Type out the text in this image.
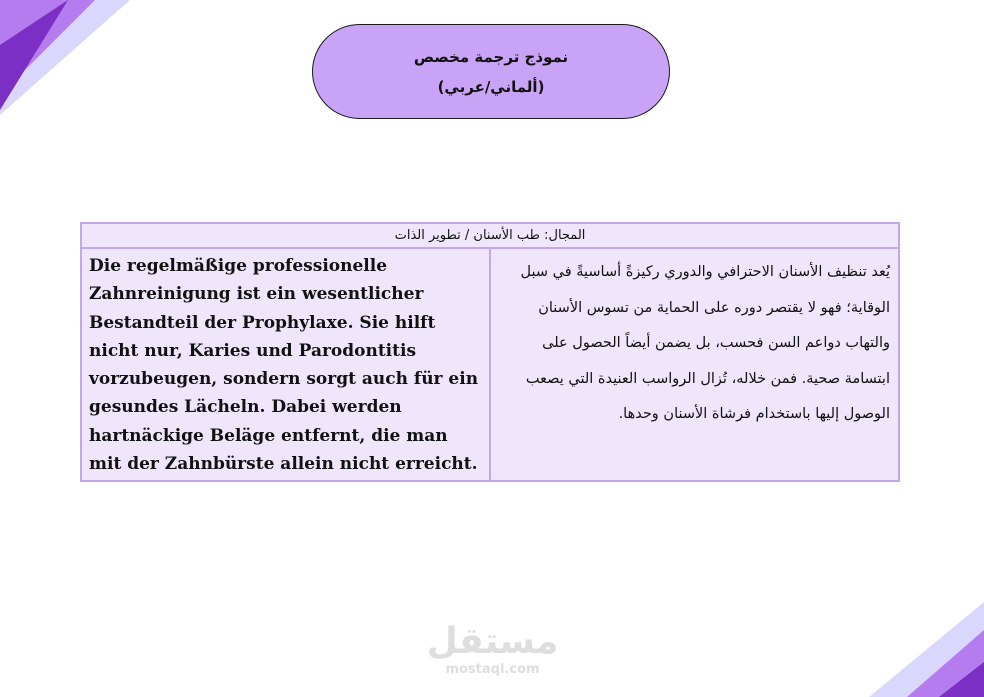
نموذج ترجمة مخصص
(ألماني/عربي)
المجال: طب الأسنان / تطوير الذات
Die regelmäßige professionelle Zahnreinigung ist ein wesentlicher Bestandteil der Prophylaxe. Sie hilft nicht nur, Karies und Parodontitis vorzubeugen, sondern sorgt auch für ein gesundes Lächeln. Dabei werden hartnäckige Beläge entfernt, die man mit der Zahnbürste allein nicht erreicht.	يُعد تنظيف الأسنان الاحترافي والدوري ركيزةً أساسيةً في سبل الوقاية؛ فهو لا يقتصر دوره على الحماية من تسوس الأسنان والتهاب دواعم السن فحسب، بل يضمن أيضاً الحصول على ابتسامة صحية. فمن خلاله، تُزال الرواسب العنيدة التي يصعب الوصول إليها باستخدام فرشاة الأسنان وحدها.
مستقل
mostaql.com
